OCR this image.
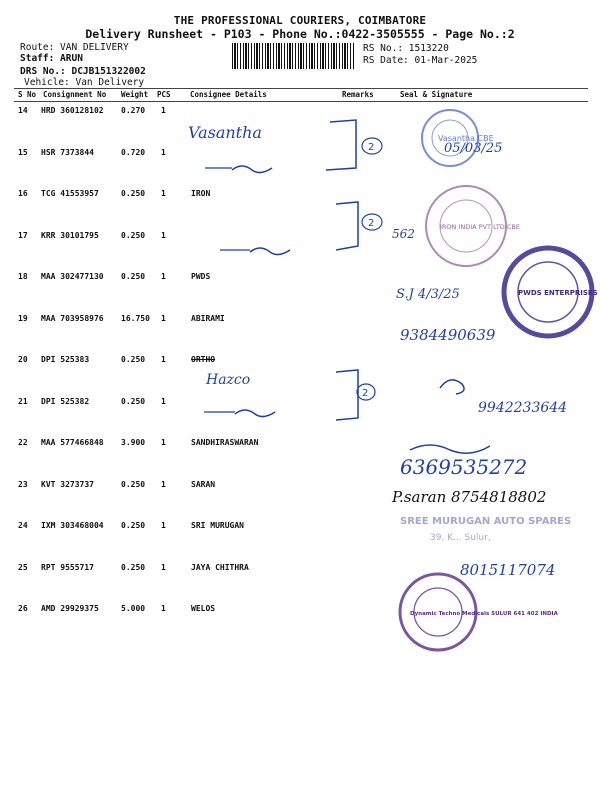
THE PROFESSIONAL COURIERS, COIMBATORE
Delivery Runsheet - P103 - Phone No.:0422-3505555 - Page No.:2
Route: VAN DELIVERY
Staff: ARUN
DRS No.: DCJB151322002
Vehicle: Van Delivery
RS No.: 1513220
RS Date: 01-Mar-2025
S No Consignment No Weight PCS	Consignee Details	Remarks	Seal & Signature
14 HRD 360128102 0.270 1
15 HSR 7373844	0.720 1
16 TCG 41553957	0.250 1	IRON
17 KRR 30101795	0.250 1
18 MAA 302477130 0.250 1	PWDS
19 MAA 703958976 16.750 1	ABIRAMI
20 DPI 525383	0.250 1	ORTHO
21 DPI 525382	0.250 1
22 MAA 577466848 3.900 1	SANDHIRASWARAN
23 KVT 3273737	0.250 1	SARAN
24 IXM 303468004 0.250 1	SRI MURUGAN
25 RPT 9555717	0.250 1	JAYA CHITHRA
26 AMD 29929375	5.000 1	WELOS
Vasantha CBE
Vasantha
2	05/03/25
2	IRON INDIA PVT LTD CBE
562
PWDS ENTERPRISES
S.J 4/3/25
9384490639
Hazco
2
9942233644
6369535272
P.saran 8754818802
SREE MURUGAN AUTO SPARES
39, K... Sulur,
8015117074
Dynamic Techno Medicals SULUR 641 402 INDIA
